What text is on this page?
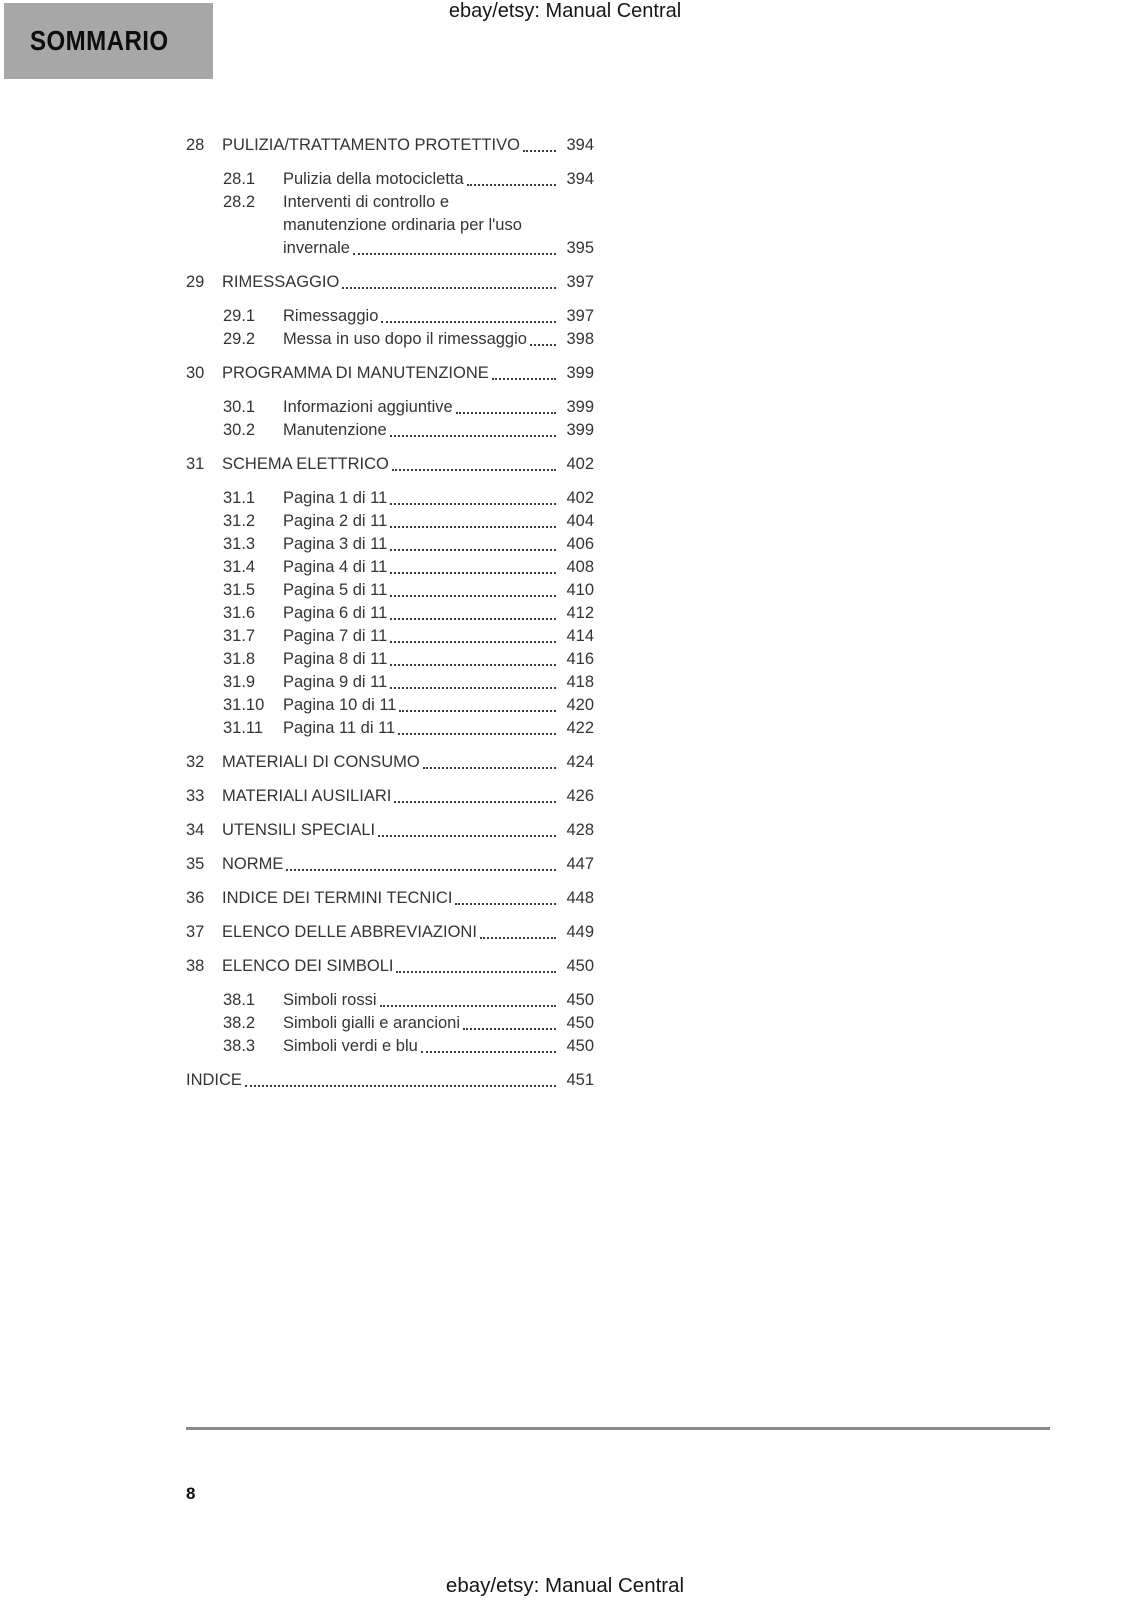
ebay/etsy: Manual Central
SOMMARIO
28	PULIZIA/TRATTAMENTO PROTETTIVO	394
28.1	Pulizia della motocicletta	394
28.2	Interventi di controllo e
manutenzione ordinaria per l'uso
invernale	395
29	RIMESSAGGIO	397
29.1	Rimessaggio	397
29.2	Messa in uso dopo il rimessaggio 398
30	PROGRAMMA DI MANUTENZIONE	399
30.1	Informazioni aggiuntive	399
30.2	Manutenzione	399
31	SCHEMA ELETTRICO	402
31.1	Pagina 1 di 11	402
31.2	Pagina 2 di 11	404
31.3	Pagina 3 di 11	406
31.4	Pagina 4 di 11	408
31.5	Pagina 5 di 11	410
31.6	Pagina 6 di 11	412
31.7	Pagina 7 di 11	414
31.8	Pagina 8 di 11	416
31.9	Pagina 9 di 11	418
31.10	Pagina 10 di 11	420
31.11	Pagina 11 di 11	422
32	MATERIALI DI CONSUMO	424
33	MATERIALI AUSILIARI	426
34	UTENSILI SPECIALI	428
35	NORME	447
36	INDICE DEI TERMINI TECNICI	448
37	ELENCO DELLE ABBREVIAZIONI	449
38	ELENCO DEI SIMBOLI	450
38.1	Simboli rossi	450
38.2	Simboli gialli e arancioni	450
38.3	Simboli verdi e blu	450
INDICE	451
8
ebay/etsy: Manual Central
